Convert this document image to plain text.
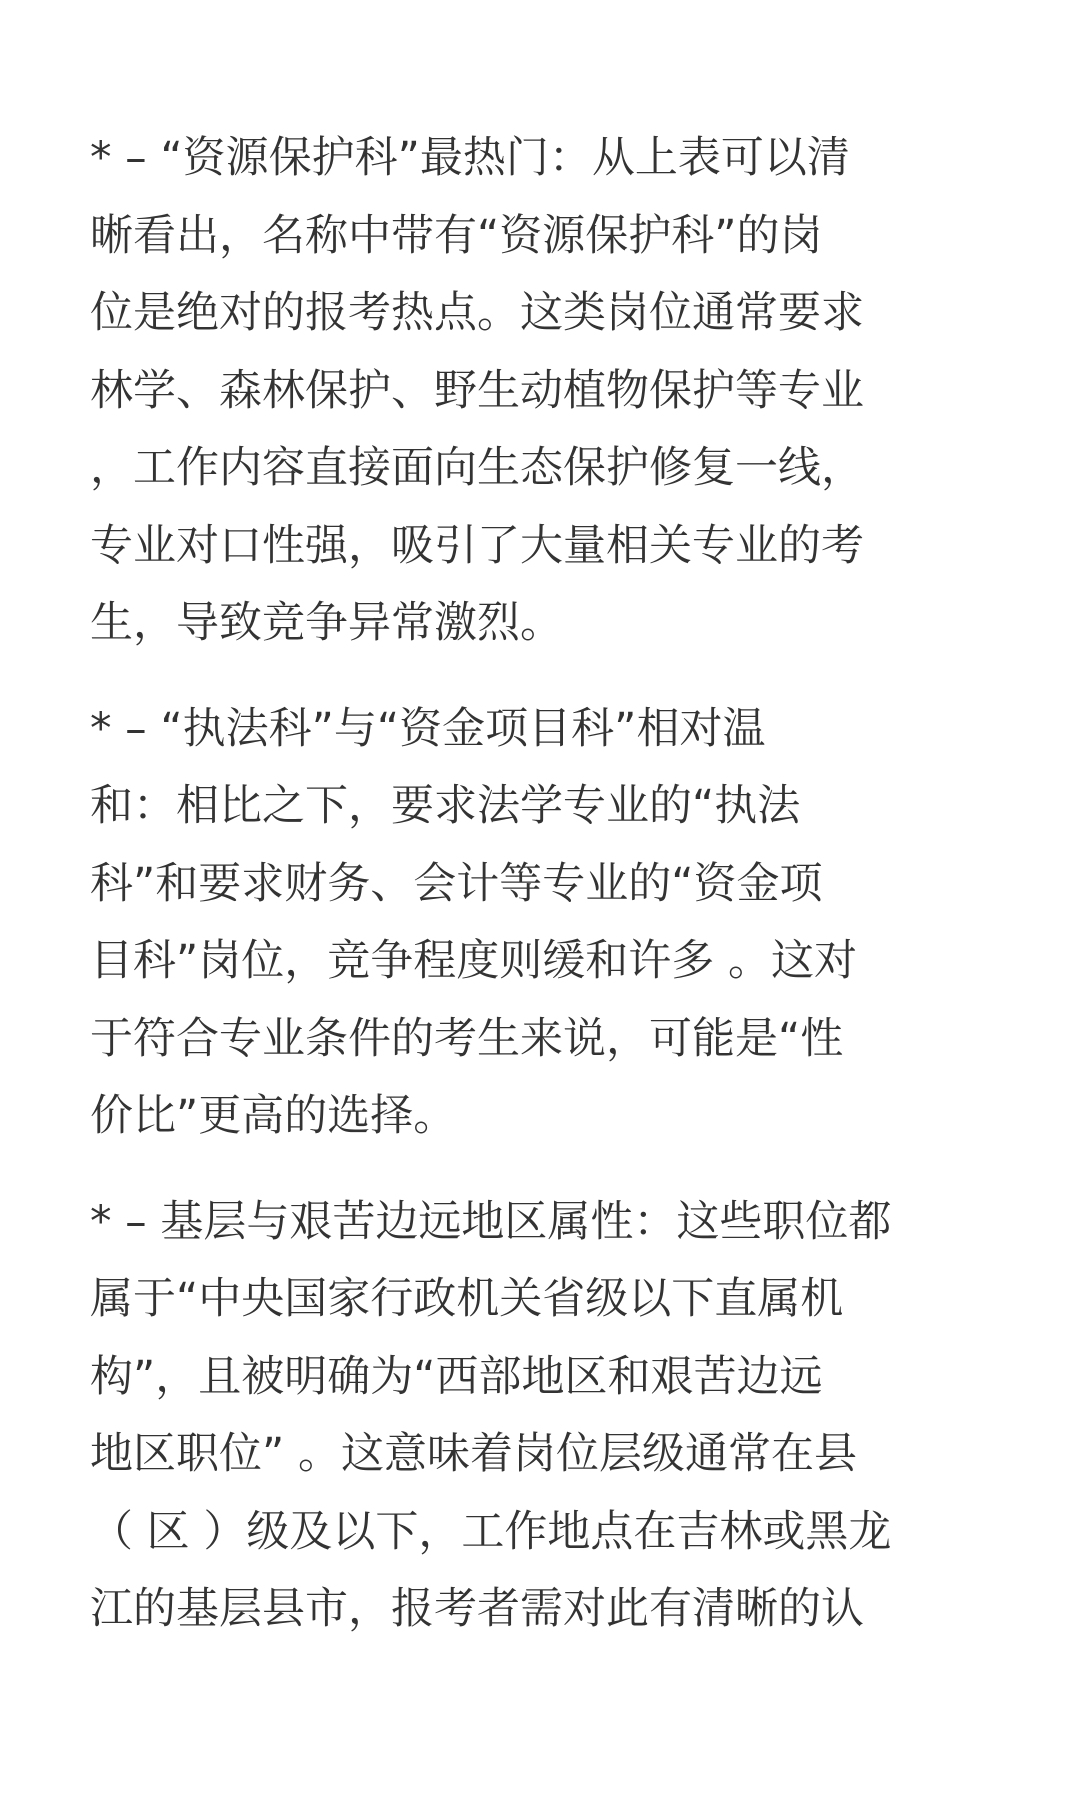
* – “资源保护科”最热门：从上表可以清
晰看出，名称中带有“资源保护科”的岗
位是绝对的报考热点。这类岗位通常要求
林学、森林保护、野生动植物保护等专业
，工作内容直接面向生态保护修复一线，
专业对口性强，吸引了大量相关专业的考
生，导致竞争异常激烈。
* – “执法科”与“资金项目科”相对温
和：相比之下，要求法学专业的“执法
科”和要求财务、会计等专业的“资金项
目科”岗位，竞争程度则缓和许多 。这对
于符合专业条件的考生来说，可能是“性
价比”更高的选择。
* – 基层与艰苦边远地区属性：这些职位都
属于“中央国家行政机关省级以下直属机
构”，且被明确为“西部地区和艰苦边远
地区职位” 。这意味着岗位层级通常在县
（ 区 ）级及以下，工作地点在吉林或黑龙
江的基层县市，报考者需对此有清晰的认
